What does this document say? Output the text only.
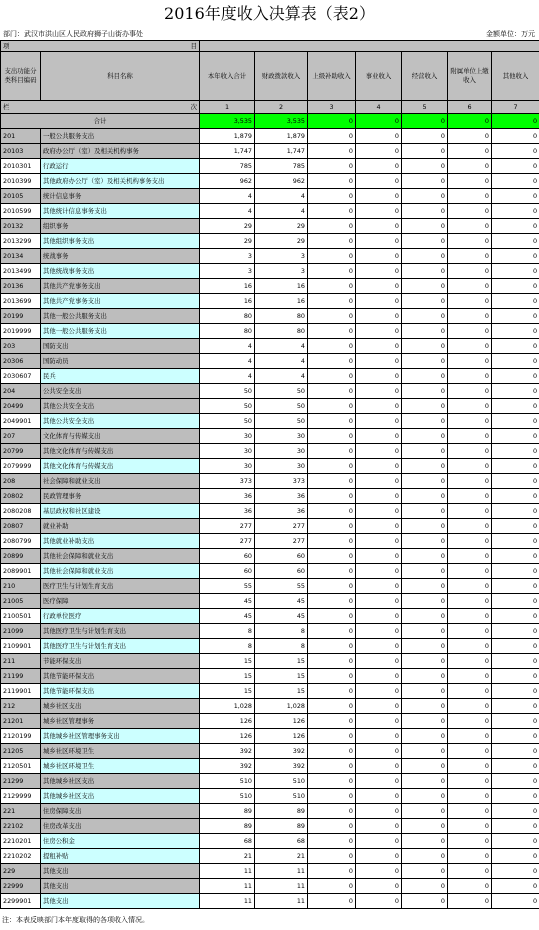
2016年度收入决算表（表2）
部门：武汉市洪山区人民政府狮子山街办事处	金额单位：万元
项 目								

支出功能分类科目编码	科目名称	本年收入合计	财政拨款收入	上级补助收入	事业收入	经营收入	附属单位上缴收入	其他收入
栏 次		1	2	3	4	5	6	7
合计		3,535	3,535	0	0	0	0	0
201	一般公共服务支出	1,879	1,879	0	0	0	0	0
20103	政府办公厅（室）及相关机构事务	1,747	1,747	0	0	0	0	0
2010301	行政运行	785	785	0	0	0	0	0
2010399	其他政府办公厅（室）及相关机构事务支出	962	962	0	0	0	0	0
20105	统计信息事务	4	4	0	0	0	0	0
2010599	其他统计信息事务支出	4	4	0	0	0	0	0
20132	组织事务	29	29	0	0	0	0	0
2013299	其他组织事务支出	29	29	0	0	0	0	0
20134	统战事务	3	3	0	0	0	0	0
2013499	其他统战事务支出	3	3	0	0	0	0	0
20136	其他共产党事务支出	16	16	0	0	0	0	0
2013699	其他共产党事务支出	16	16	0	0	0	0	0
20199	其他一般公共服务支出	80	80	0	0	0	0	0
2019999	其他一般公共服务支出	80	80	0	0	0	0	0
203	国防支出	4	4	0	0	0	0	0
20306	国防动员	4	4	0	0	0	0	0
2030607	民兵	4	4	0	0	0	0	0
204	公共安全支出	50	50	0	0	0	0	0
20499	其他公共安全支出	50	50	0	0	0	0	0
2049901	其他公共安全支出	50	50	0	0	0	0	0
207	文化体育与传媒支出	30	30	0	0	0	0	0
20799	其他文化体育与传媒支出	30	30	0	0	0	0	0
2079999	其他文化体育与传媒支出	30	30	0	0	0	0	0
208	社会保障和就业支出	373	373	0	0	0	0	0
20802	民政管理事务	36	36	0	0	0	0	0
2080208	基层政权和社区建设	36	36	0	0	0	0	0
20807	就业补助	277	277	0	0	0	0	0
2080799	其他就业补助支出	277	277	0	0	0	0	0
20899	其他社会保障和就业支出	60	60	0	0	0	0	0
2089901	其他社会保障和就业支出	60	60	0	0	0	0	0
210	医疗卫生与计划生育支出	55	55	0	0	0	0	0
21005	医疗保障	45	45	0	0	0	0	0
2100501	行政单位医疗	45	45	0	0	0	0	0
21099	其他医疗卫生与计划生育支出	8	8	0	0	0	0	0
2109901	其他医疗卫生与计划生育支出	8	8	0	0	0	0	0
211	节能环保支出	15	15	0	0	0	0	0
21199	其他节能环保支出	15	15	0	0	0	0	0
2119901	其他节能环保支出	15	15	0	0	0	0	0
212	城乡社区支出	1,028	1,028	0	0	0	0	0
21201	城乡社区管理事务	126	126	0	0	0	0	0
2120199	其他城乡社区管理事务支出	126	126	0	0	0	0	0
21205	城乡社区环境卫生	392	392	0	0	0	0	0
2120501	城乡社区环境卫生	392	392	0	0	0	0	0
21299	其他城乡社区支出	510	510	0	0	0	0	0
2129999	其他城乡社区支出	510	510	0	0	0	0	0
221	住房保障支出	89	89	0	0	0	0	0
22102	住房改革支出	89	89	0	0	0	0	0
2210201	住房公积金	68	68	0	0	0	0	0
2210202	提租补贴	21	21	0	0	0	0	0
229	其他支出	11	11	0	0	0	0	0
22999	其他支出	11	11	0	0	0	0	0
2299901	其他支出	11	11	0	0	0	0	0
注：本表反映部门本年度取得的各项收入情况。
